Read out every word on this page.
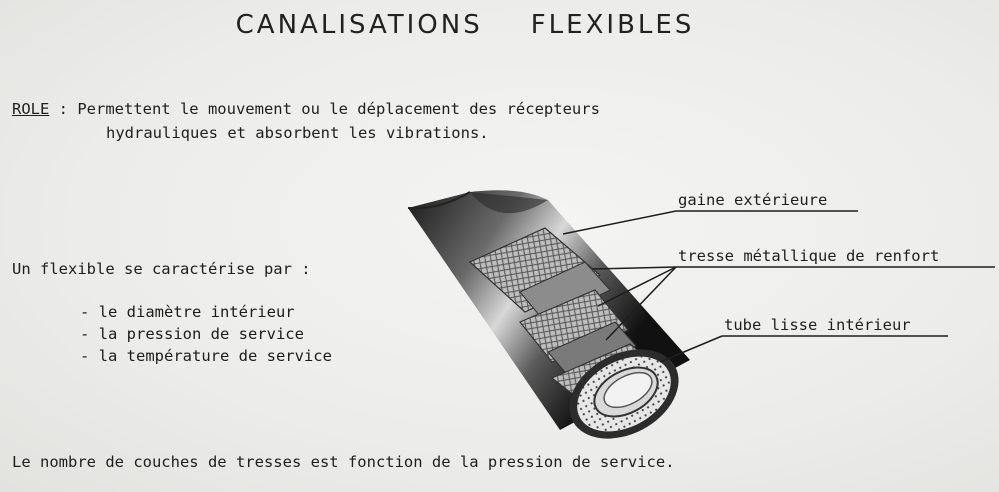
CANALISATIONS FLEXIBLES
ROLE : Permettent le mouvement ou le déplacement des récepteurs
hydrauliques et absorbent les vibrations.
Un flexible se caractérise par :
- le diamètre intérieur
- la pression de service
- la température de service
Le nombre de couches de tresses est fonction de la pression de service.
gaine extérieure
tresse métallique de renfort
tube lisse intérieur
